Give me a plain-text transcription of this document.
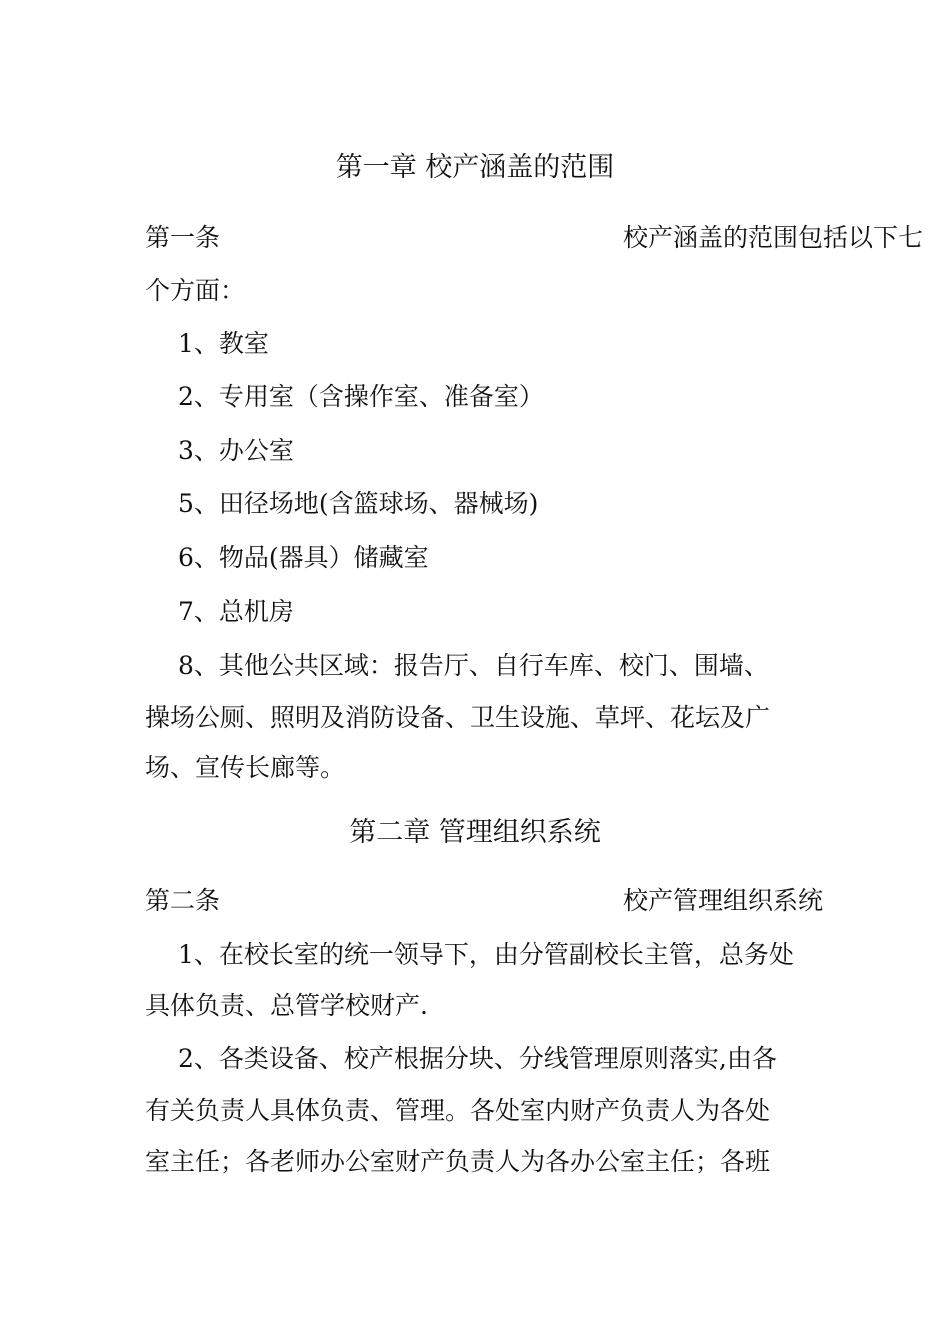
第一章 校产涵盖的范围
第一条	校产涵盖的范围包括以下七
个方面：
1、教室
2、专用室（含操作室、准备室）
3、办公室
5、田径场地(含篮球场、器械场)
6、物品(器具）储藏室
7、总机房
8、其他公共区域：报告厅、自行车库、校门、围墙、
操场公厕、照明及消防设备、卫生设施、草坪、花坛及广
场、宣传长廊等。
第二章 管理组织系统
第二条	校产管理组织系统
1、在校长室的统一领导下，由分管副校长主管，总务处
具体负责、总管学校财产.
2、各类设备、校产根据分块、分线管理原则落实,由各
有关负责人具体负责、管理。各处室内财产负责人为各处
室主任；各老师办公室财产负责人为各办公室主任；各班
